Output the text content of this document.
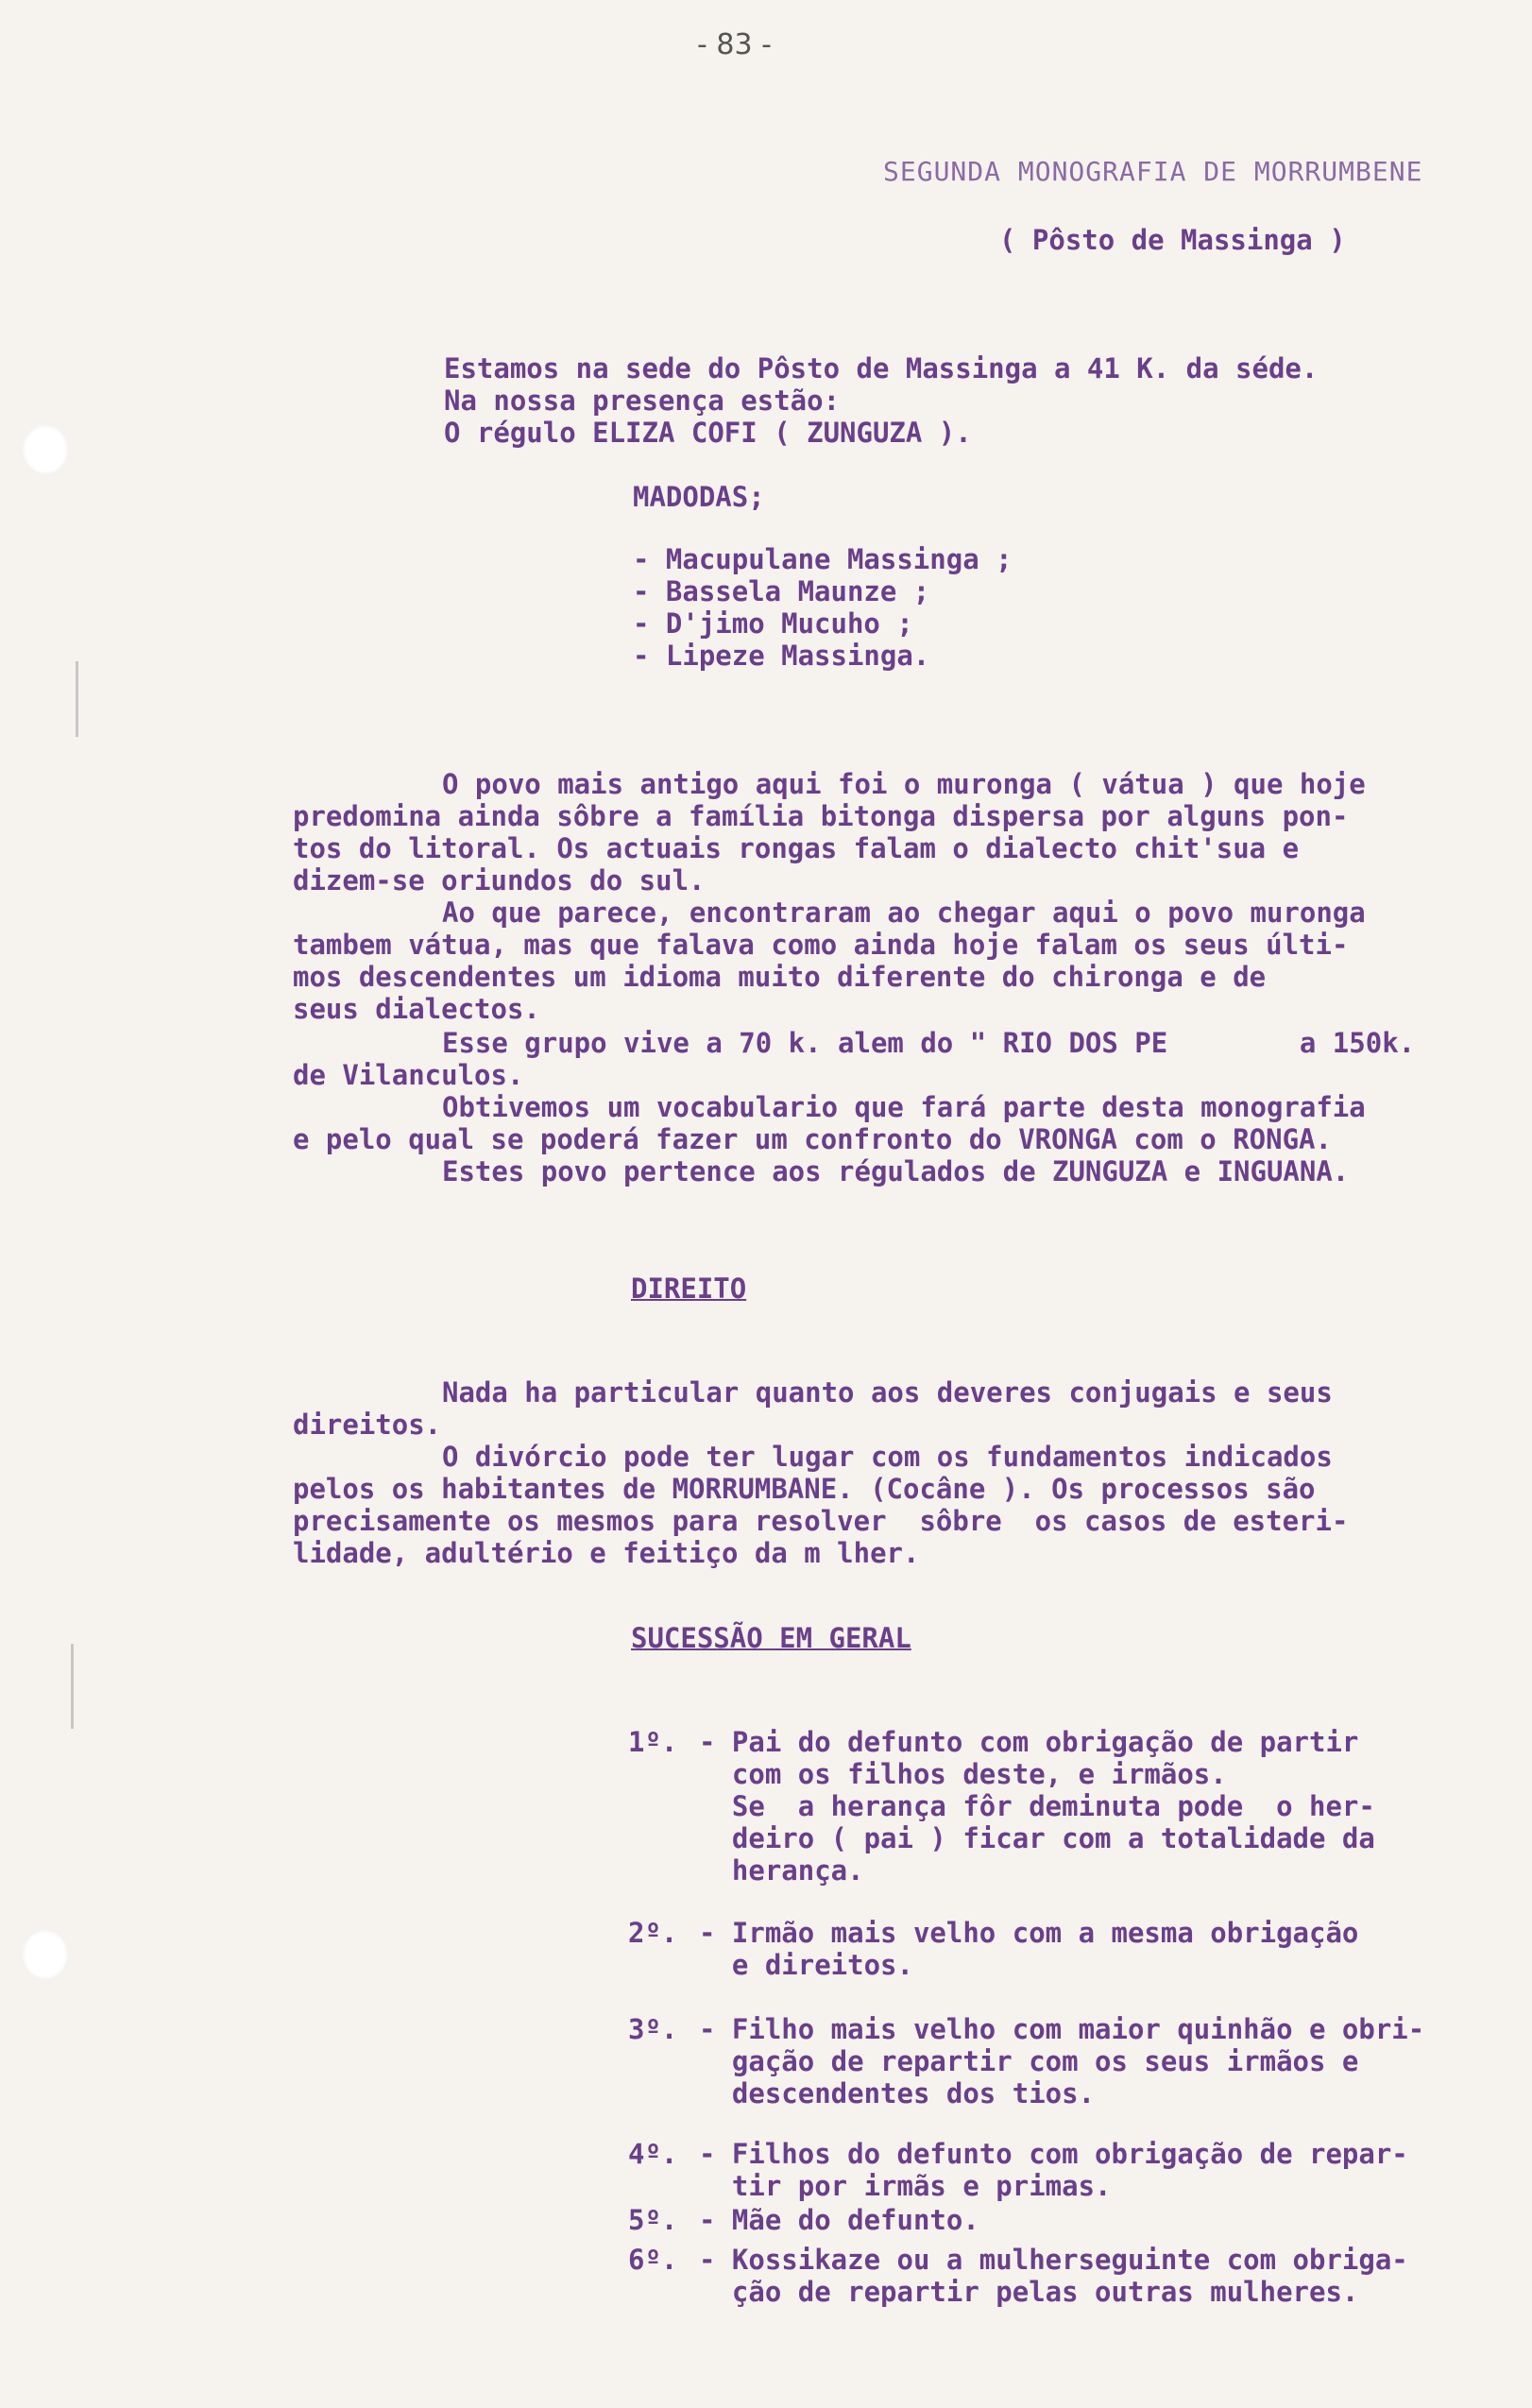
- 83 -
SEGUNDA MONOGRAFIA DE MORRUMBENE
( Pôsto de Massinga )
Estamos na sede do Pôsto de Massinga a 41 K. da séde.
Na nossa presença estão:
O régulo ELIZA COFI ( ZUNGUZA ).
MADODAS;
- Macupulane Massinga ;
- Bassela Maunze ;
- D'jimo Mucuho ;
- Lipeze Massinga.
O povo mais antigo aqui foi o muronga ( vátua ) que hoje
predomina ainda sôbre a família bitonga dispersa por alguns pon-
tos do litoral. Os actuais rongas falam o dialecto chit'sua e
dizem-se oriundos do sul.
Ao que parece, encontraram ao chegar aqui o povo muronga
tambem vátua, mas que falava como ainda hoje falam os seus últi-
mos descendentes um idioma muito diferente do chironga e de
seus dialectos.
Esse grupo vive a 70 k. alem do " RIO DOS PE        a 150k.
de Vilanculos.
Obtivemos um vocabulario que fará parte desta monografia
e pelo qual se poderá fazer um confronto do VRONGA com o RONGA.
Estes povo pertence aos régulados de ZUNGUZA e INGUANA.
DIREITO
Nada ha particular quanto aos deveres conjugais e seus
direitos.
O divórcio pode ter lugar com os fundamentos indicados
pelos os habitantes de MORRUMBANE. (Cocâne ). Os processos são
precisamente os mesmos para resolver  sôbre  os casos de esteri-
lidade, adultério e feitiço da m lher.
SUCESSÃO EM GERAL
1º. - Pai do defunto com obrigação de partir
com os filhos deste, e irmãos.
Se  a herança fôr deminuta pode  o her-
deiro ( pai ) ficar com a totalidade da
herança.
2º. - Irmão mais velho com a mesma obrigação
e direitos.
3º. - Filho mais velho com maior quinhão e obri-
gação de repartir com os seus irmãos e
descendentes dos tios.
4º. - Filhos do defunto com obrigação de repar-
tir por irmãs e primas.
5º. - Mãe do defunto.
6º. - Kossikaze ou a mulherseguinte com obriga-
ção de repartir pelas outras mulheres.
